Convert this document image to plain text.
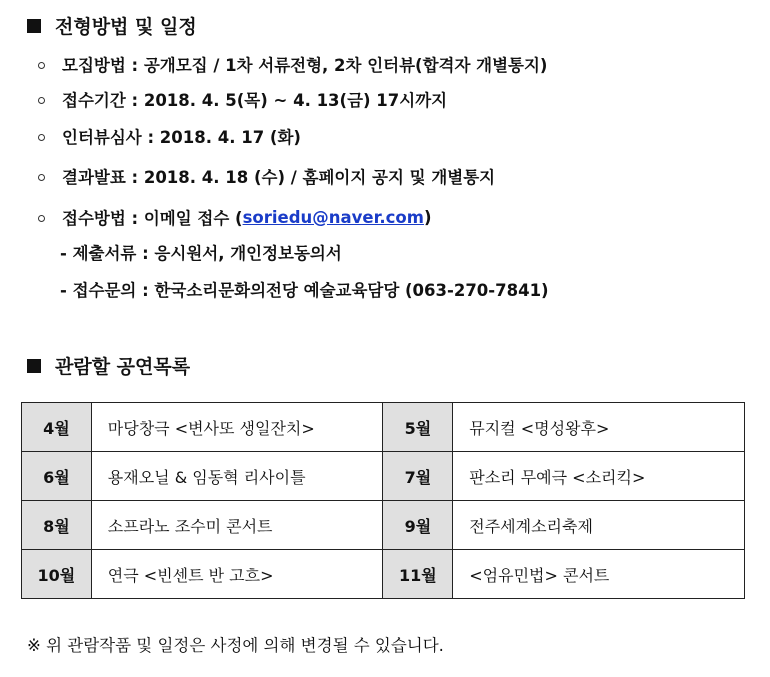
전형방법 및 일정
모집방법 : 공개모집 / 1차 서류전형, 2차 인터뷰(합격자 개별통지)
접수기간 : 2018. 4. 5(목) ~ 4. 13(금) 17시까지
인터뷰심사 : 2018. 4. 17 (화)
결과발표 : 2018. 4. 18 (수) / 홈페이지 공지 및 개별통지
접수방법 : 이메일 접수 ( soriedu@naver.com )
- 제출서류 : 응시원서, 개인정보동의서
- 접수문의 : 한국소리문화의전당 예술교육담당 (063-270-7841)
관람할 공연목록
4월	마당창극 <변사또 생일잔치>	5월	뮤지컬 <명성왕후>
6월	용재오닐 & 임동혁 리사이틀	7월	판소리 무예극 <소리킥>
8월	소프라노 조수미 콘서트	9월	전주세계소리축제
10월	연극 <빈센트 반 고흐>	11월	<엄유민법> 콘서트
※ 위 관람작품 및 일정은 사정에 의해 변경될 수 있습니다.
